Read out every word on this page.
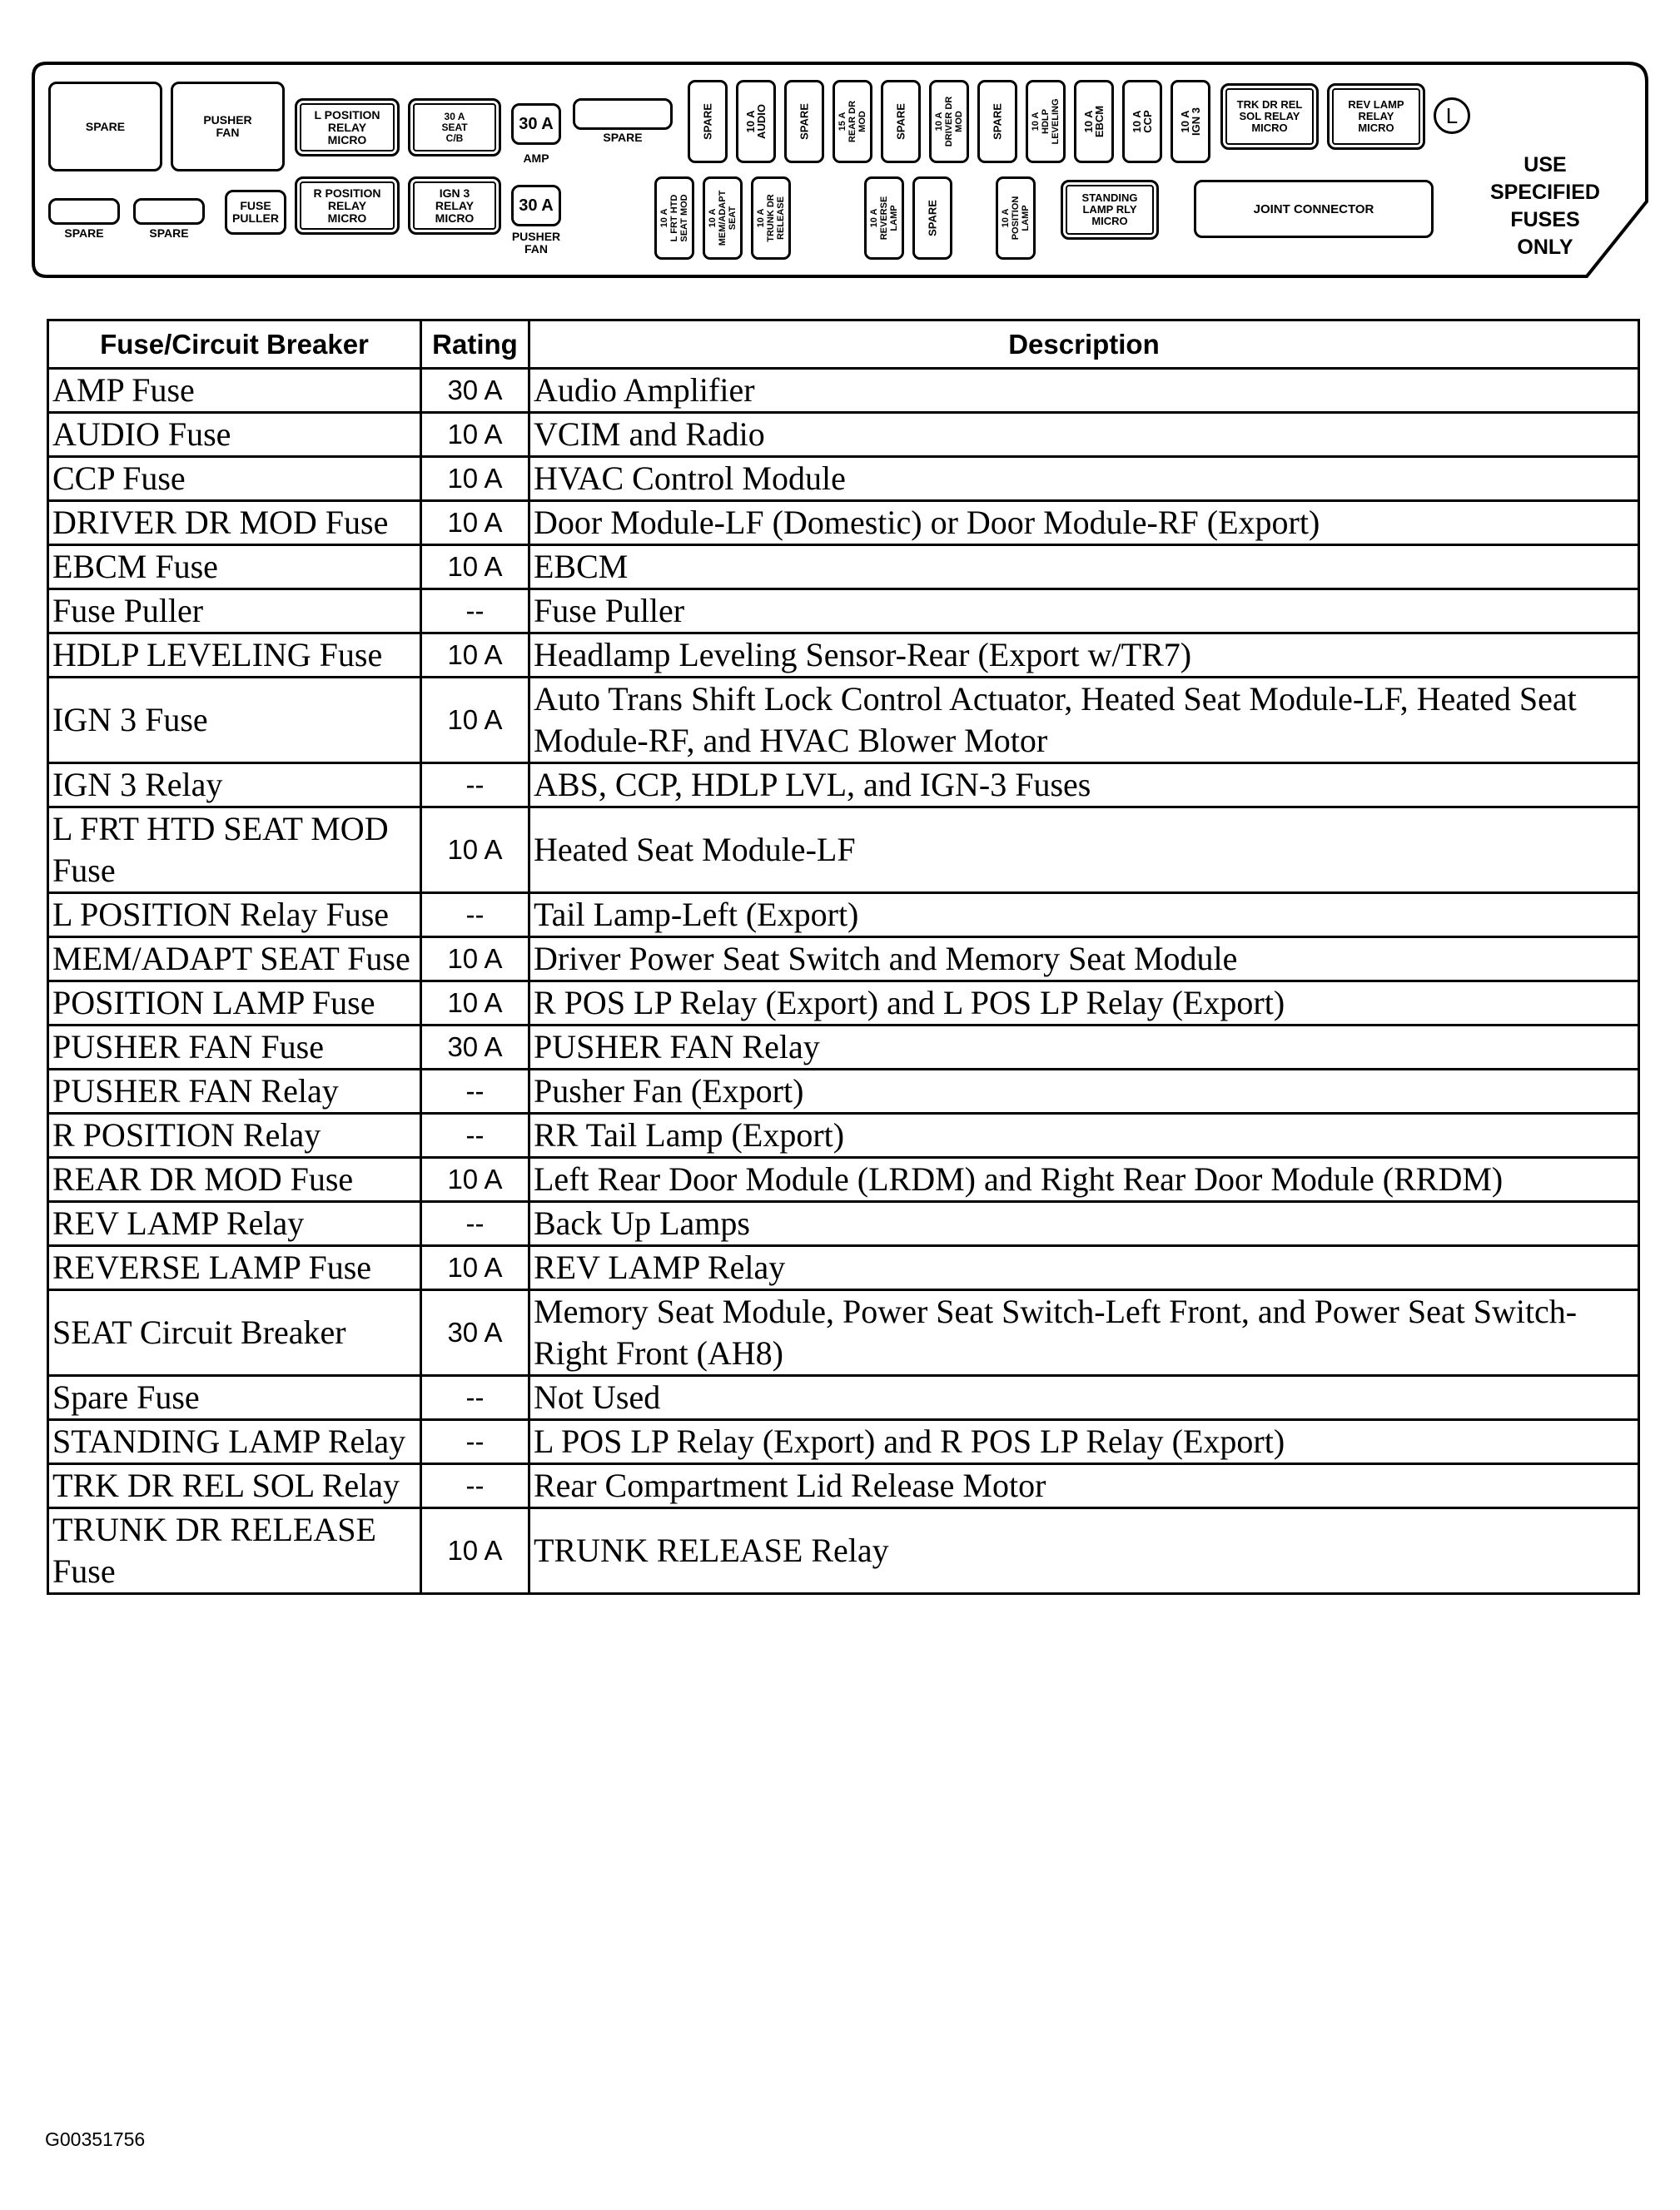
SPARE	PUSHER
FAN
L POSITION
RELAY
MICRO
30 A
SEAT
C/B
30 A
AMP
SPARE	SPARE	10 A
AUDIO	SPARE	15 A
REAR DR
MOD	SPARE	10 A
DRIVER DR
MOD	SPARE	10 A
HDLP
LEVELING 10 A
EBCM 10 A
CCP 10 A
IGN 3	TRK DR REL
SOL RELAY
MICRO
REV LAMP
RELAY
MICRO	L
SPARE	SPARE
FUSE
PULLER
R POSITION
RELAY
MICRO
IGN 3
RELAY
MICRO
30 A
PUSHER
FAN
10 A
L FRT HTD
SEAT MOD
10 A
MEM/ADAPT
SEAT 10 A
TRUNK DR
RELEASE	10 A
REVERSE
LAMP	SPARE	10 A
POSITION
LAMP
STANDING
LAMP RLY
MICRO
JOINT CONNECTOR
USE
SPECIFIED
FUSES
ONLY
Fuse/Circuit Breaker	Rating	Description
AMP Fuse	30 A	Audio Amplifier
AUDIO Fuse	10 A	VCIM and Radio
CCP Fuse	10 A	HVAC Control Module
DRIVER DR MOD Fuse	10 A	Door Module-LF (Domestic) or Door Module-RF (Export)
EBCM Fuse	10 A	EBCM
Fuse Puller	--	Fuse Puller
HDLP LEVELING Fuse	10 A	Headlamp Leveling Sensor-Rear (Export w/TR7)
IGN 3 Fuse	10 A	Auto Trans Shift Lock Control Actuator, Heated Seat Module-LF, Heated Seat Module-RF, and HVAC Blower Motor
IGN 3 Relay	--	ABS, CCP, HDLP LVL, and IGN-3 Fuses
L FRT HTD SEAT MOD Fuse	10 A	Heated Seat Module-LF
L POSITION Relay Fuse	--	Tail Lamp-Left (Export)
MEM/ADAPT SEAT Fuse	10 A	Driver Power Seat Switch and Memory Seat Module
POSITION LAMP Fuse	10 A	R POS LP Relay (Export) and L POS LP Relay (Export)
PUSHER FAN Fuse	30 A	PUSHER FAN Relay
PUSHER FAN Relay	--	Pusher Fan (Export)
R POSITION Relay	--	RR Tail Lamp (Export)
REAR DR MOD Fuse	10 A	Left Rear Door Module (LRDM) and Right Rear Door Module (RRDM)
REV LAMP Relay	--	Back Up Lamps
REVERSE LAMP Fuse	10 A	REV LAMP Relay
SEAT Circuit Breaker	30 A	Memory Seat Module, Power Seat Switch-Left Front, and Power Seat Switch-Right Front (AH8)
Spare Fuse	--	Not Used
STANDING LAMP Relay	--	L POS LP Relay (Export) and R POS LP Relay (Export)
TRK DR REL SOL Relay	--	Rear Compartment Lid Release Motor
TRUNK DR RELEASE Fuse	10 A	TRUNK RELEASE Relay
G00351756
